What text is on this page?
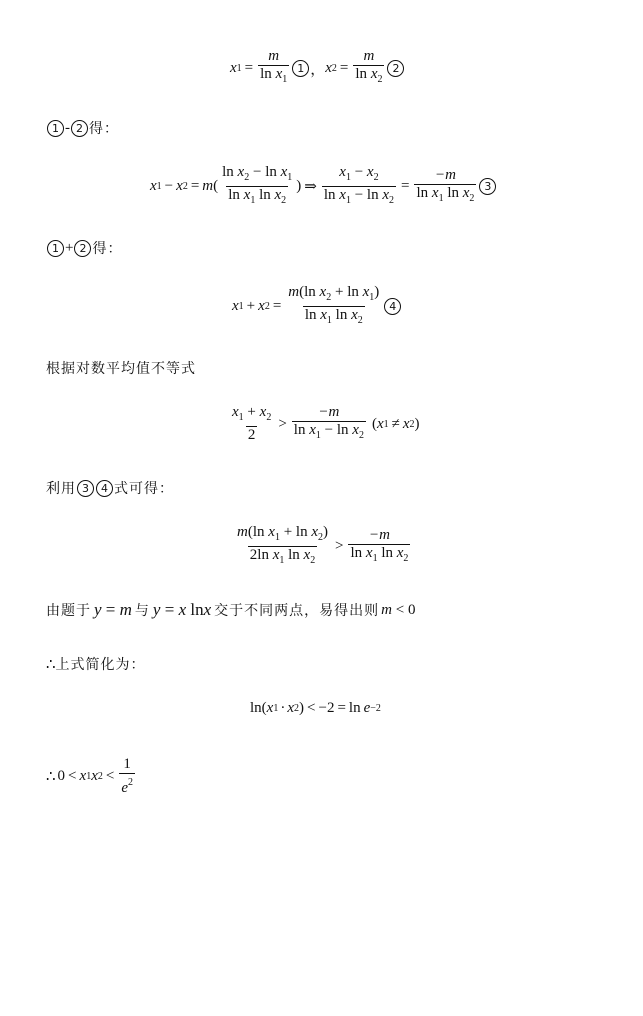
x $1 = \frac{m}{\ln x_1} 1$ ， x $2 = \frac{m}{\ln x_2} 2$
1 - 2 得：
x 1 − x 2 = m ( $\frac{\ln x_2 - \ln x_1}{\ln x_1 \ln x_2}$ ) ⇒ $\frac{x_1 - x_2}{\ln x_1 - \ln x_2} = \frac{-m}{\ln x_1 \ln x_2} 3$
1 + 2 得：
x 1 + x $2 = \frac{m(\ln x_2 + \ln x_1)}{\ln x_1 \ln x_2} 4$
根据对数平均值不等式
$\frac{x_1 + x_2}{2} > \frac{-m}{\ln x_1 - \ln x_2}$ ( x 1 ≠ x 2 )
利用 3	4 式可得：
$\frac{m(\ln x_1 + \ln x_2)}{2\ln x_1 \ln x_2} > \frac{-m}{\ln x_1 \ln x_2}$
由题于 y = m 与 y = x lnx 交于不同两点，易得出则 m < 0
∴ 上式简化为：
ln ( x 1 · x 2 ) < −2 = ln e −2
∴ 0 < x 1 x $2 < \frac{1}{e^2}$
